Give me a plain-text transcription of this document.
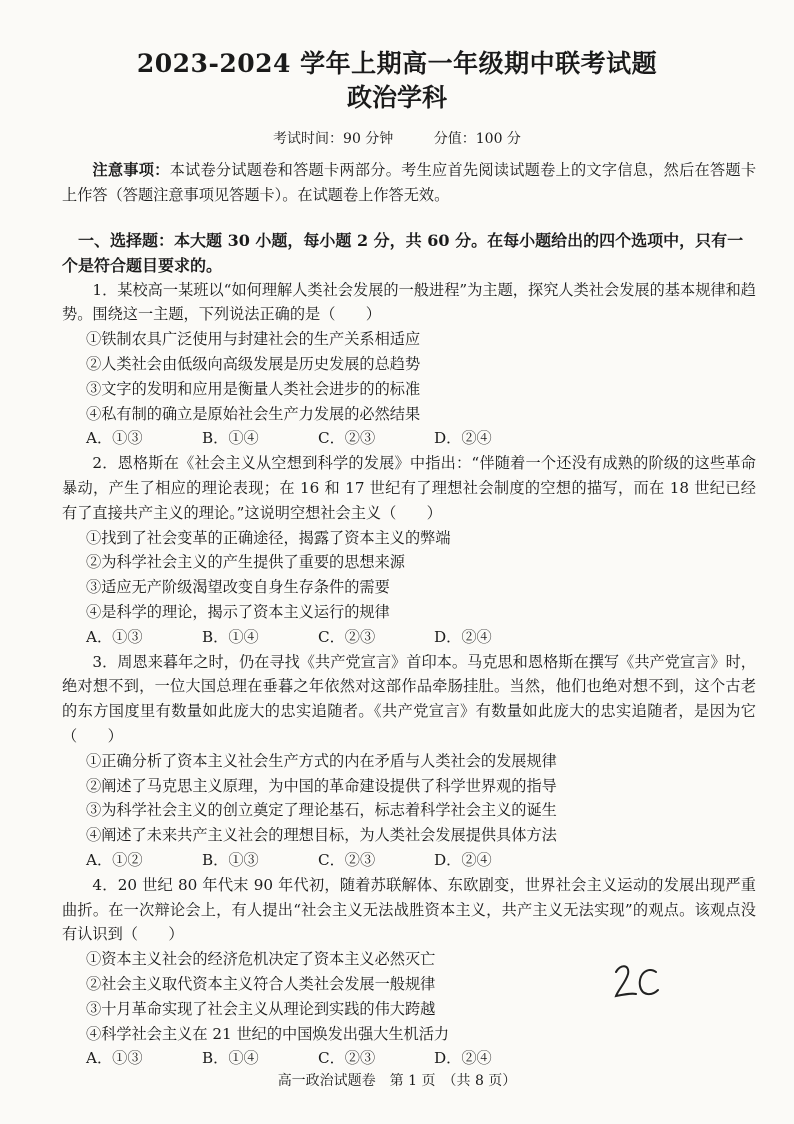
2023-2024 学年上期高一年级期中联考试题
政治学科
考试时间：90 分钟	分值：100 分

注意事项：本试卷分试题卷和答题卡两部分。考生应首先阅读试题卷上的文字信息，然后在答题卡上作答（答题注意事项见答题卡）。在试题卷上作答无效。

一、选择题：本大题 30 小题，每小题 2 分，共 60 分。在每小题给出的四个选项中，只有一个是符合题目要求的。

1．某校高一某班以“如何理解人类社会发展的一般进程”为主题，探究人类社会发展的基本规律和趋势。围绕这一主题，下列说法正确的是（　　）

①铁制农具广泛使用与封建社会的生产关系相适应

②人类社会由低级向高级发展是历史发展的总趋势

③文字的发明和应用是衡量人类社会进步的的标准

④私有制的确立是原始社会生产力发展的必然结果

A．①③	B．①④	C．②③	D．②④

2．恩格斯在《社会主义从空想到科学的发展》中指出：“伴随着一个还没有成熟的阶级的这些革命暴动，产生了相应的理论表现；在 16 和 17 世纪有了理想社会制度的空想的描写，而在 18 世纪已经有了直接共产主义的理论。”这说明空想社会主义（　　）

①找到了社会变革的正确途径，揭露了资本主义的弊端

②为科学社会主义的产生提供了重要的思想来源

③适应无产阶级渴望改变自身生存条件的需要

④是科学的理论，揭示了资本主义运行的规律

A．①③	B．①④	C．②③	D．②④

3．周恩来暮年之时，仍在寻找《共产党宣言》首印本。马克思和恩格斯在撰写《共产党宣言》时，绝对想不到，一位大国总理在垂暮之年依然对这部作品牵肠挂肚。当然，他们也绝对想不到，这个古老的东方国度里有数量如此庞大的忠实追随者。《共产党宣言》有数量如此庞大的忠实追随者，是因为它（　　）

①正确分析了资本主义社会生产方式的内在矛盾与人类社会的发展规律

②阐述了马克思主义原理，为中国的革命建设提供了科学世界观的指导

③为科学社会主义的创立奠定了理论基石，标志着科学社会主义的诞生

④阐述了未来共产主义社会的理想目标，为人类社会发展提供具体方法

A．①②	B．①③	C．②③	D．②④

4．20 世纪 80 年代末 90 年代初，随着苏联解体、东欧剧变，世界社会主义运动的发展出现严重曲折。在一次辩论会上，有人提出“社会主义无法战胜资本主义，共产主义无法实现”的观点。该观点没有认识到（　　）

①资本主义社会的经济危机决定了资本主义必然灭亡

②社会主义取代资本主义符合人类社会发展一般规律

③十月革命实现了社会主义从理论到实践的伟大跨越

④科学社会主义在 21 世纪的中国焕发出强大生机活力

A．①③	B．①④	C．②③	D．②④
高一政治试题卷　第 1 页　（共 8 页）
